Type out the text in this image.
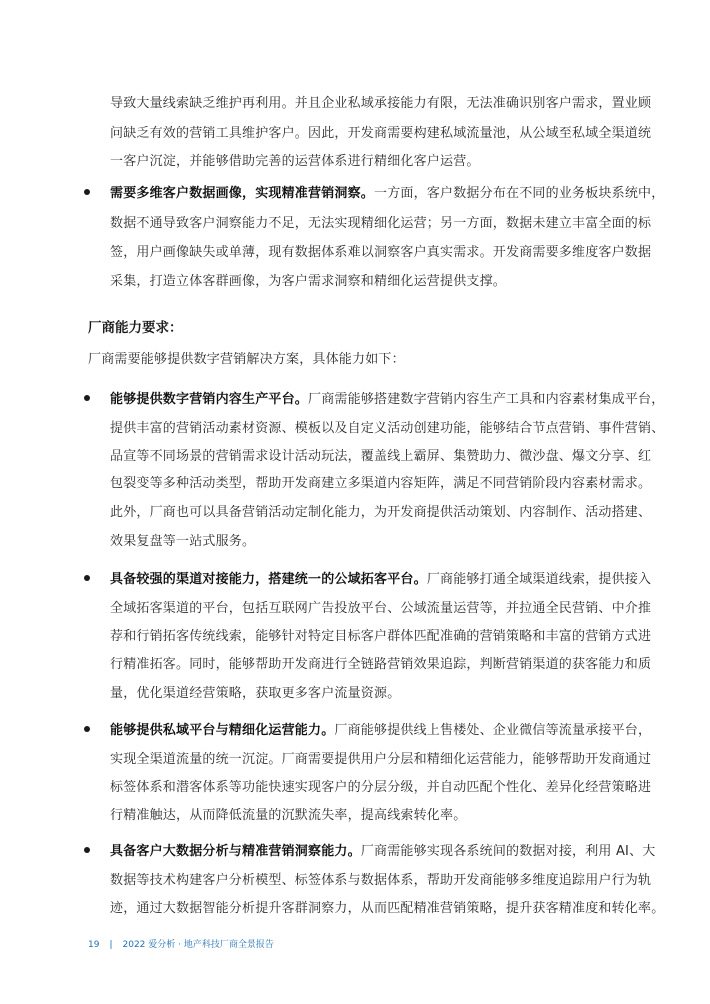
导致大量线索缺乏维护再利用。并且企业私域承接能力有限，无法准确识别客户需求，置业顾
问缺乏有效的营销工具维护客户。因此，开发商需要构建私域流量池，从公域至私域全渠道统
一客户沉淀，并能够借助完善的运营体系进行精细化客户运营。
需要多维客户数据画像，实现精准营销洞察。一方面，客户数据分布在不同的业务板块系统中，
数据不通导致客户洞察能力不足，无法实现精细化运营；另一方面，数据未建立丰富全面的标
签，用户画像缺失或单薄，现有数据体系难以洞察客户真实需求。开发商需要多维度客户数据
采集，打造立体客群画像，为客户需求洞察和精细化运营提供支撑。
厂商能力要求：
厂商需要能够提供数字营销解决方案，具体能力如下：
能够提供数字营销内容生产平台。厂商需能够搭建数字营销内容生产工具和内容素材集成平台，
提供丰富的营销活动素材资源、模板以及自定义活动创建功能，能够结合节点营销、事件营销、
品宣等不同场景的营销需求设计活动玩法，覆盖线上霸屏、集赞助力、微沙盘、爆文分享、红
包裂变等多种活动类型，帮助开发商建立多渠道内容矩阵，满足不同营销阶段内容素材需求。
此外，厂商也可以具备营销活动定制化能力，为开发商提供活动策划、内容制作、活动搭建、
效果复盘等一站式服务。
具备较强的渠道对接能力，搭建统一的公域拓客平台。厂商能够打通全域渠道线索，提供接入
全域拓客渠道的平台，包括互联网广告投放平台、公域流量运营等，并拉通全民营销、中介推
荐和行销拓客传统线索，能够针对特定目标客户群体匹配准确的营销策略和丰富的营销方式进
行精准拓客。同时，能够帮助开发商进行全链路营销效果追踪，判断营销渠道的获客能力和质
量，优化渠道经营策略，获取更多客户流量资源。
能够提供私域平台与精细化运营能力。厂商能够提供线上售楼处、企业微信等流量承接平台，
实现全渠道流量的统一沉淀。厂商需要提供用户分层和精细化运营能力，能够帮助开发商通过
标签体系和潜客体系等功能快速实现客户的分层分级，并自动匹配个性化、差异化经营策略进
行精准触达，从而降低流量的沉默流失率，提高线索转化率。
具备客户大数据分析与精准营销洞察能力。厂商需能够实现各系统间的数据对接，利用 AI、大
数据等技术构建客户分析模型、标签体系与数据体系，帮助开发商能够多维度追踪用户行为轨
迹，通过大数据智能分析提升客群洞察力，从而匹配精准营销策略，提升获客精准度和转化率。
19 | 2022 爱分析 · 地产科技厂商全景报告
